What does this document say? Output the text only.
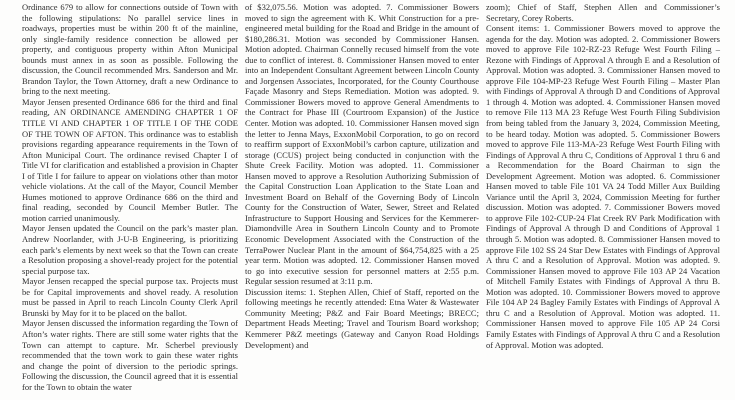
Ordinance 679 to allow for connections outside of Town with the following stipulations: No parallel service lines in roadways, properties must be within 200 ft of the mainline, only single-family residence connection be allowed per property, and contiguous property within Afton Municipal bounds must annex in as soon as possible. Following the discussion, the Council recommended Mrs. Sanderson and Mr. Brandon Taylor, the Town Attorney, draft a new Ordinance to bring to the next meeting.

Mayor Jensen presented Ordinance 686 for the third and final reading, AN ORDINANCE AMENDING CHAPTER 1 OF TITLE VI AND CHAPTER 1 OF TITLE I OF THE CODE OF THE TOWN OF AFTON. This ordinance was to establish provisions regarding appearance requirements in the Town of Afton Municipal Court. The ordinance revised Chapter I of Title VI for clarification and established a provision in Chapter I of Title I for failure to appear on violations other than motor vehicle violations. At the call of the Mayor, Council Member Humes motioned to approve Ordinance 686 on the third and final reading, seconded by Council Member Butler. The motion carried unanimously.

Mayor Jensen updated the Council on the park’s master plan. Andrew Noorlander, with J-U-B Engineering, is prioritizing each park’s elements by next week so that the Town can create a Resolution proposing a shovel-ready project for the potential special purpose tax.

Mayor Jensen recapped the special purpose tax. Projects must be for Capital improvements and shovel ready. A resolution must be passed in April to reach Lincoln County Clerk April Brunski by May for it to be placed on the ballot.

Mayor Jensen discussed the information regarding the Town of Afton’s water rights. There are still some water rights that the Town can attempt to capture. Mr. Scherbel previously recommended that the town work to gain these water rights and change the point of diversion to the periodic springs. Following the discussion, the Council agreed that it is essential for the Town to obtain the water

of $32,075.56. Motion was adopted. 7. Commissioner Bowers moved to sign the agreement with K. Whit Construction for a pre-engineered metal building for the Road and Bridge in the amount of $180,286.31. Motion was seconded by Commissioner Hansen. Motion adopted. Chairman Connelly recused himself from the vote due to conflict of interest. 8. Commissioner Hansen moved to enter into an Independent Consultant Agreement between Lincoln County and Jorgensen Associates, Incorporated, for the County Courthouse Façade Masonry and Steps Remediation. Motion was adopted. 9. Commissioner Bowers moved to approve General Amendments to the Contract for Phase III (Courtroom Expansion) of the Justice Center. Motion was adopted. 10. Commissioner Hansen moved sign the letter to Jenna Mays, ExxonMobil Corporation, to go on record to reaffirm support of ExxonMobil’s carbon capture, utilization and storage (CCUS) project being conducted in conjunction with the Shute Creek Facility. Motion was adopted. 11. Commissioner Hansen moved to approve a Resolution Authorizing Submission of the Capital Construction Loan Application to the State Loan and Investment Board on Behalf of the Governing Body of Lincoln County for the Construction of Water, Sewer, Street and Related Infrastructure to Support Housing and Services for the Kemmerer-Diamondville Area in Southern Lincoln County and to Promote Economic Development Associated with the Construction of the TerraPower Nuclear Plant in the amount of $64,754,825 with a 25 year term. Motion was adopted. 12. Commissioner Hansen moved to go into executive session for personnel matters at 2:55 p.m. Regular session resumed at 3:11 p.m.

Discussion items: 1. Stephen Allen, Chief of Staff, reported on the following meetings he recently attended: Etna Water & Wastewater Community Meeting; P&Z and Fair Board Meetings; BRECC; Department Heads Meeting; Travel and Tourism Board workshop; Kemmerer P&Z meetings (Gateway and Canyon Road Holdings Development) and

zoom); Chief of Staff, Stephen Allen and Commissioner’s Secretary, Corey Roberts.

Consent items: 1. Commissioner Bowers moved to approve the agenda for the day. Motion was adopted. 2. Commissioner Bowers moved to approve File 102-RZ-23 Refuge West Fourth Filing – Rezone with Findings of Approval A through E and a Resolution of Approval. Motion was adopted. 3. Commissioner Hansen moved to approve File 104-MP-23 Refuge West Fourth Filing – Master Plan with Findings of Approval A through D and Conditions of Approval 1 through 4. Motion was adopted. 4. Commissioner Hansen moved to remove File 113 MA 23 Refuge West Fourth Filing Subdivision from being tabled from the January 3, 2024, Commission Meeting, to be heard today. Motion was adopted. 5. Commissioner Bowers moved to approve File 113-MA-23 Refuge West Fourth Filing with Findings of Approval A thru C, Conditions of Approval 1 thru 6 and a Recommendation for the Board Chairman to sign the Development Agreement. Motion was adopted. 6. Commissioner Hansen moved to table File 101 VA 24 Todd Miller Aux Building Variance until the April 3, 2024, Commission Meeting for further discussion. Motion was adopted. 7. Commissioner Bowers moved to approve File 102-CUP-24 Flat Creek RV Park Modification with Findings of Approval A through D and Conditions of Approval 1 through 5. Motion was adopted. 8. Commissioner Hansen moved to approve File 102 SS 24 Star Dew Estates with Findings of Approval A thru C and a Resolution of Approval. Motion was adopted. 9. Commissioner Hansen moved to approve File 103 AP 24 Vacation of Mitchell Family Estates with Findings of Approval A thru B. Motion was adopted. 10. Commissioner Bowers moved to approve File 104 AP 24 Bagley Family Estates with Findings of Approval A thru C and a Resolution of Approval. Motion was adopted. 11. Commissioner Hansen moved to approve File 105 AP 24 Corsi Family Estates with Findings of Approval A thru C and a Resolution of Approval. Motion was adopted.
